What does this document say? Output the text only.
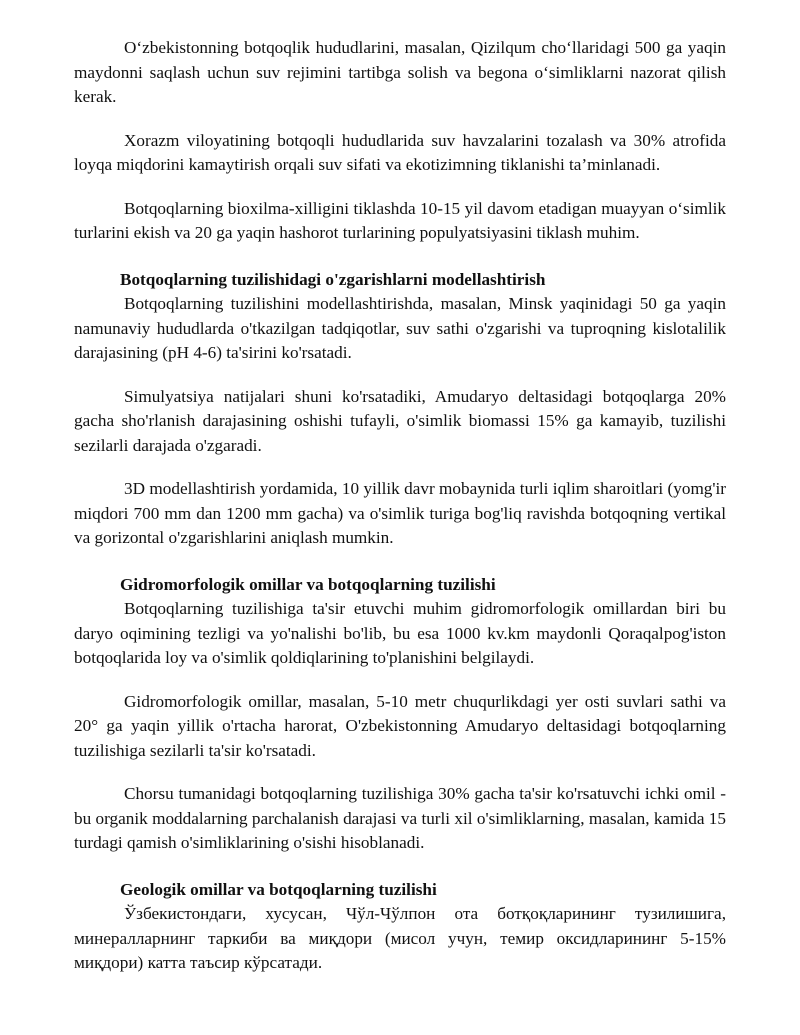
O‘zbekistonning botqoqlik hududlarini, masalan, Qizilqum cho‘llaridagi 500 ga yaqin maydonni saqlash uchun suv rejimini tartibga solish va begona o‘simliklarni nazorat qilish kerak.

Xorazm viloyatining botqoqli hududlarida suv havzalarini tozalash va 30% atrofida loyqa miqdorini kamaytirish orqali suv sifati va ekotizimning tiklanishi ta’minlanadi.

Botqoqlarning bioxilma-xilligini tiklashda 10-15 yil davom etadigan muayyan o‘simlik turlarini ekish va 20 ga yaqin hashorot turlarining populyatsiyasini tiklash muhim.

Botqoqlarning tuzilishidagi o'zgarishlarni modellashtirish

Botqoqlarning tuzilishini modellashtirishda, masalan, Minsk yaqinidagi 50 ga yaqin namunaviy hududlarda o'tkazilgan tadqiqotlar, suv sathi o'zgarishi va tuproqning kislotalilik darajasining (pH 4-6) ta'sirini ko'rsatadi.

Simulyatsiya natijalari shuni ko'rsatadiki, Amudaryo deltasidagi botqoqlarga 20% gacha sho'rlanish darajasining oshishi tufayli, o'simlik biomassi 15% ga kamayib, tuzilishi sezilarli darajada o'zgaradi.

3D modellashtirish yordamida, 10 yillik davr mobaynida turli iqlim sharoitlari (yomg'ir miqdori 700 mm dan 1200 mm gacha) va o'simlik turiga bog'liq ravishda botqoqning vertikal va gorizontal o'zgarishlarini aniqlash mumkin.

Gidromorfologik omillar va botqoqlarning tuzilishi

Botqoqlarning tuzilishiga ta'sir etuvchi muhim gidromorfologik omillardan biri bu daryo oqimining tezligi va yo'nalishi bo'lib, bu esa 1000 kv.km maydonli Qoraqalpog'iston botqoqlarida loy va o'simlik qoldiqlarining to'planishini belgilaydi.

Gidromorfologik omillar, masalan, 5-10 metr chuqurlikdagi yer osti suvlari sathi va 20° ga yaqin yillik o'rtacha harorat, O'zbekistonning Amudaryo deltasidagi botqoqlarning tuzilishiga sezilarli ta'sir ko'rsatadi.

Chorsu tumanidagi botqoqlarning tuzilishiga 30% gacha ta'sir ko'rsatuvchi ichki omil - bu organik moddalarning parchalanish darajasi va turli xil o'simliklarning, masalan, kamida 15 turdagi qamish o'simliklarining o'sishi hisoblanadi.

Geologik omillar va botqoqlarning tuzilishi

Ўзбекистондаги, хусусан, Чўл-Чўлпон ота ботқоқларининг тузилишига, минералларнинг таркиби ва миқдори (мисол учун, темир оксидларининг 5-15% миқдори) катта таъсир кўрсатади.
